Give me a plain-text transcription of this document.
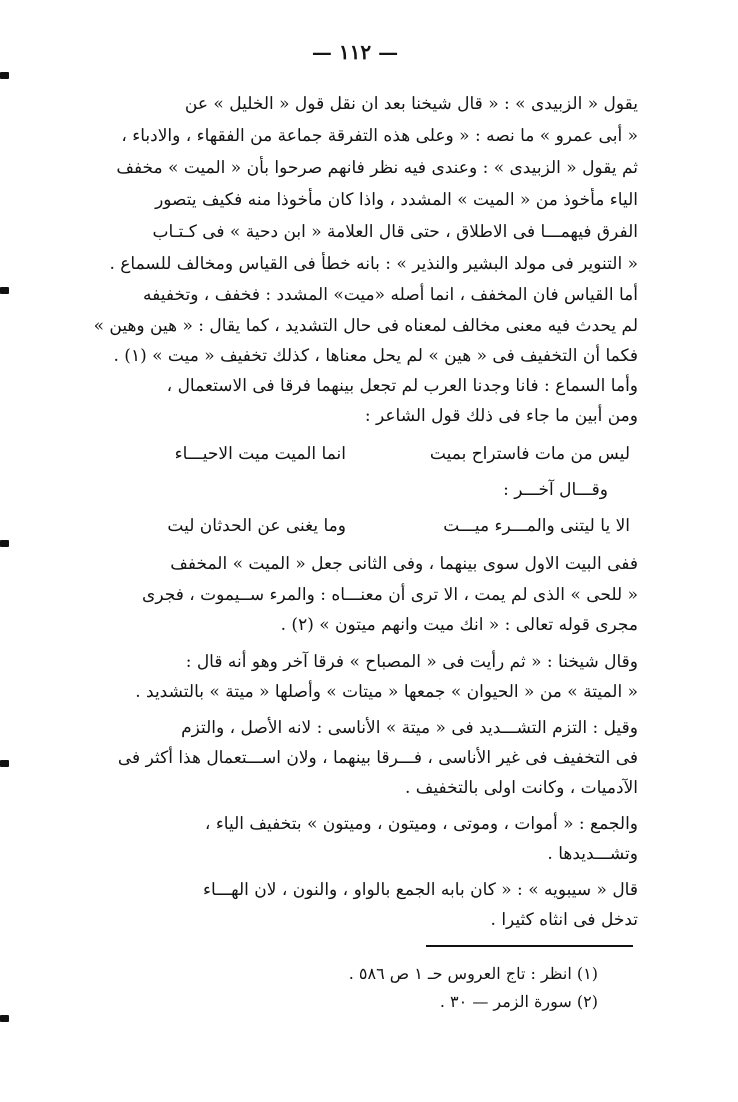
— ١١٢ —
يقول « الزبيدى » : « قال شيخنا بعد ان نقل قول « الخليل » عن
« أبى عمرو » ما نصه : « وعلى هذه التفرقة جماعة من الفقهاء ، والادباء ،
ثم يقول « الزبيدى » : وعندى فيه نظر فانهم صرحوا بأن « الميت » مخفف
الياء مأخوذ من « الميت » المشدد ، واذا كان مأخوذا منه فكيف يتصور
الفرق فيهمـــا فى الاطلاق ، حتى قال العلامة « ابن دحية » فى كـتـاب
« التنوير فى مولد البشير والنذير » : بانه خطأ فى القياس ومخالف للسماع .
أما القياس فان المخفف ، انما أصله «ميت» المشدد : فخفف ، وتخفيفه
لم يحدث فيه معنى مخالف لمعناه فى حال التشديد ، كما يقال : « هين وهين »
فكما أن التخفيف فى « هين » لم يحل معناها ، كذلك تخفيف « ميت » (١) .
وأما السماع : فانا وجدنا العرب لم تجعل بينهما فرقا فى الاستعمال ،
ومن أبين ما جاء فى ذلك قول الشاعر :
ليس من مات فاستراح بميت
انما الميت ميت الاحيـــاء
وقـــال آخـــر :
الا يا ليتنى والمـــرء ميـــت
وما يغنى عن الحدثان ليت
ففى البيت الاول سوى بينهما ، وفى الثانى جعل « الميت » المخفف
« للحى » الذى لم يمت ، الا ترى أن معنـــاه : والمرء ســيموت ، فجرى
مجرى قوله تعالى : « انك ميت وانهم ميتون » (٢) .
وقال شيخنا : « ثم رأيت فى « المصباح » فرقا آخر وهو أنه قال :
« الميتة » من « الحيوان » جمعها « ميتات » وأصلها « ميتة » بالتشديد .
وقيل : التزم التشـــديد فى « ميتة » الأناسى : لانه الأصل ، والتزم
فى التخفيف فى غير الأناسى ، فـــرقا بينهما ، ولان اســـتعمال هذا أكثر فى
الآدميات ، وكانت اولى بالتخفيف .
والجمع : « أموات ، وموتى ، وميتون ، وميتون » بتخفيف الياء ،
وتشـــديدها .
قال « سيبويه » : « كان بابه الجمع بالواو ، والنون ، لان الهـــاء
تدخل فى انثاه كثيرا .
(١) انظر : تاج العروس حـ ١ ص ٥٨٦ .
(٢) سورة الزمر — ٣٠ .
